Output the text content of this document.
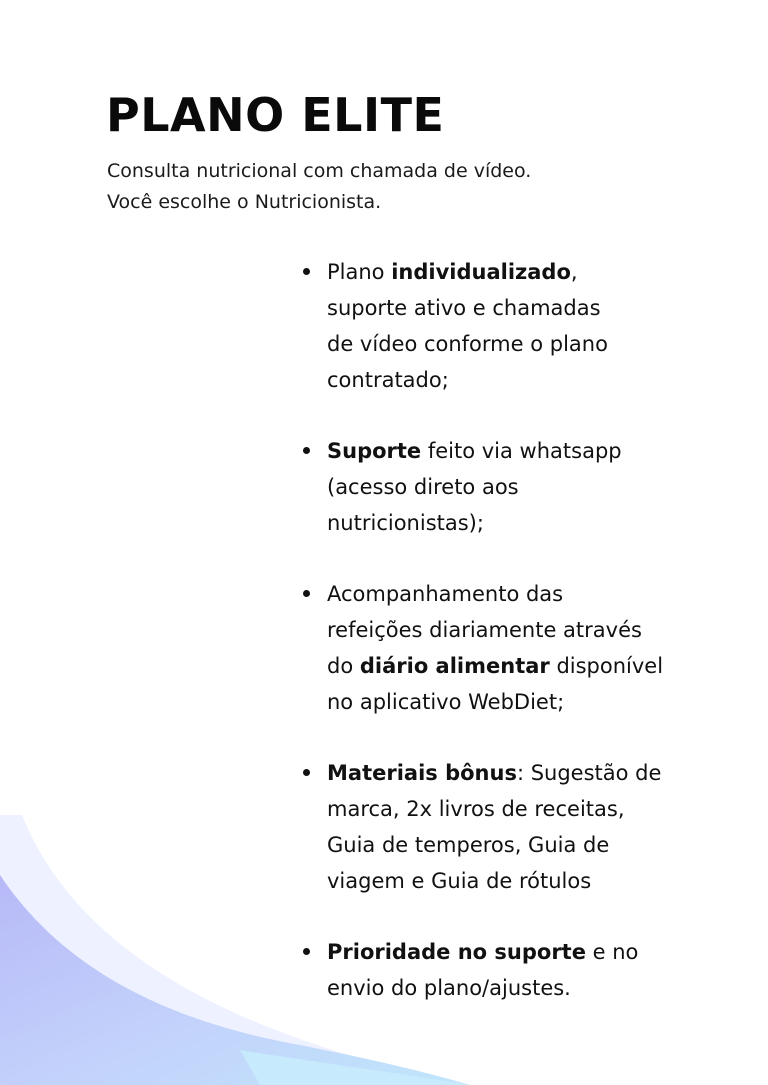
PLANO ELITE

Consulta nutricional com chamada de vídeo.
Você escolhe o Nutricionista.

Plano individualizado,
suporte ativo e chamadas
de vídeo conforme o plano
contratado;
Suporte feito via whatsapp
(acesso direto aos
nutricionistas);
Acompanhamento das
refeições diariamente através
do diário alimentar disponível
no aplicativo WebDiet;
Materiais bônus: Sugestão de
marca, 2x livros de receitas,
Guia de temperos, Guia de
viagem e Guia de rótulos
Prioridade no suporte e no
envio do plano/ajustes.
